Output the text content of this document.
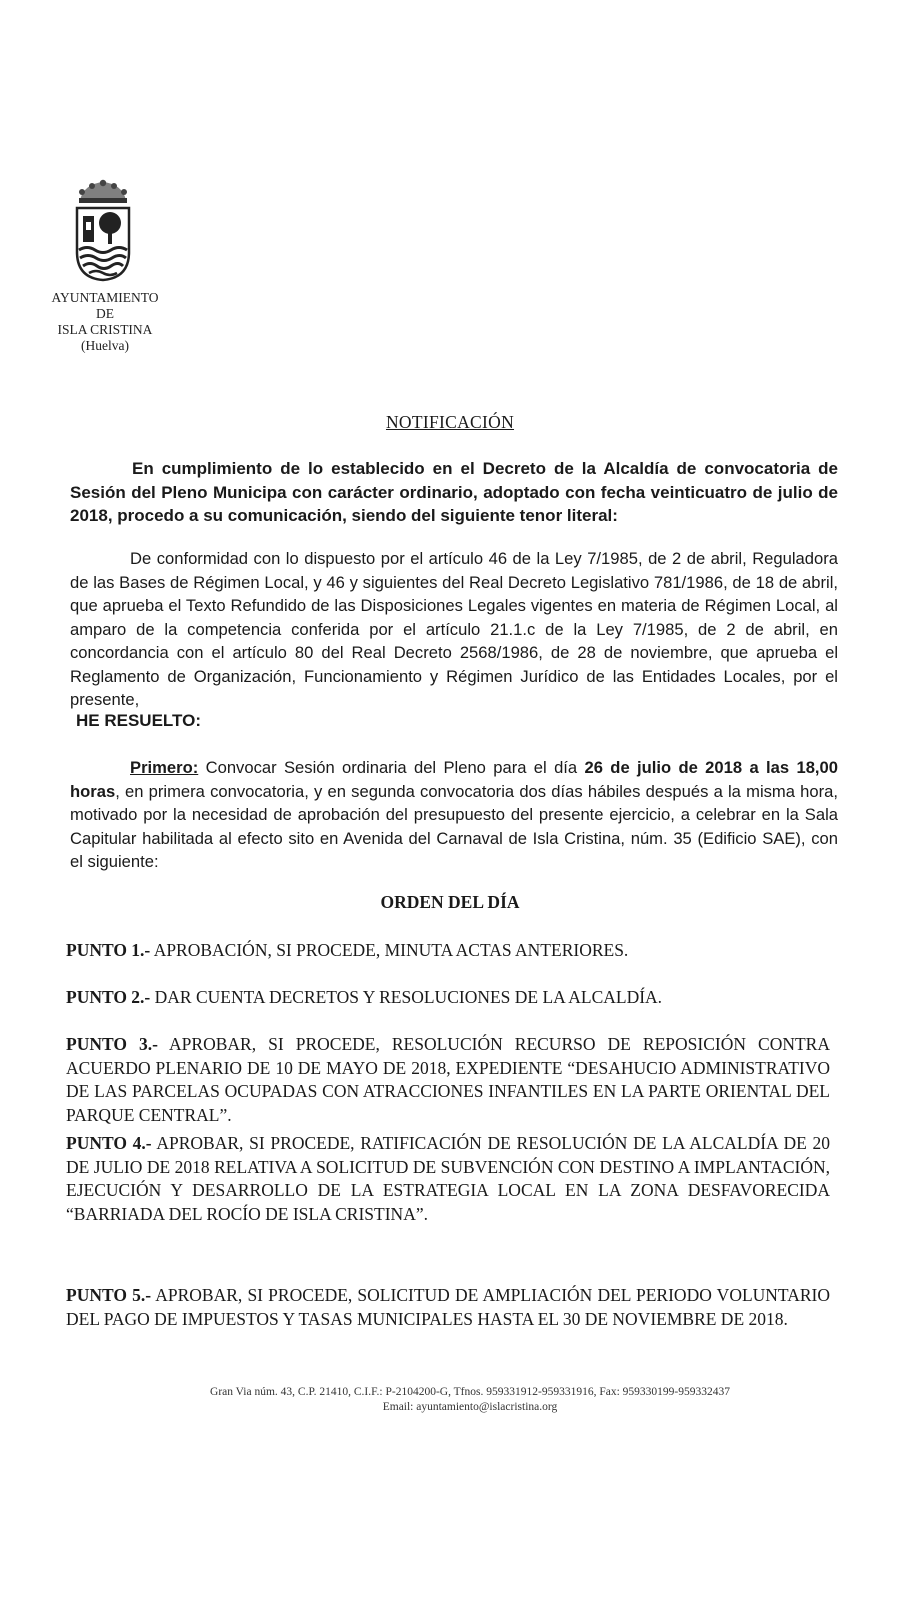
AYUNTAMIENTO
DE
ISLA CRISTINA
(Huelva)
NOTIFICACIÓN
En cumplimiento de lo establecido en el Decreto de la Alcaldía de convocatoria de Sesión del Pleno Municipa con carácter ordinario, adoptado con fecha veinticuatro de julio de 2018, procedo a su comunicación, siendo del siguiente tenor literal:
De conformidad con lo dispuesto por el artículo 46 de la Ley 7/1985, de 2 de abril, Reguladora de las Bases de Régimen Local, y 46 y siguientes del Real Decreto Legislativo 781/1986, de 18 de abril, que aprueba el Texto Refundido de las Disposiciones Legales vigentes en materia de Régimen Local, al amparo de la competencia conferida por el artículo 21.1.c de la Ley 7/1985, de 2 de abril, en concordancia con el artículo 80 del Real Decreto 2568/1986, de 28 de noviembre, que aprueba el Reglamento de Organización, Funcionamiento y Régimen Jurídico de las Entidades Locales, por el presente,
HE RESUELTO:
Primero: Convocar Sesión ordinaria del Pleno para el día 26 de julio de 2018 a las 18,00 horas, en primera convocatoria, y en segunda convocatoria dos días hábiles después a la misma hora, motivado por la necesidad de aprobación del presupuesto del presente ejercicio, a celebrar en la Sala Capitular habilitada al efecto sito en Avenida del Carnaval de Isla Cristina, núm. 35 (Edificio SAE), con el siguiente:
ORDEN DEL DÍA
PUNTO 1.- APROBACIÓN, SI PROCEDE, MINUTA ACTAS ANTERIORES.
PUNTO 2.- DAR CUENTA DECRETOS Y RESOLUCIONES DE LA ALCALDÍA.
PUNTO 3.- APROBAR, SI PROCEDE, RESOLUCIÓN RECURSO DE REPOSICIÓN CONTRA ACUERDO PLENARIO DE 10 DE MAYO DE 2018, EXPEDIENTE “DESAHUCIO ADMINISTRATIVO DE LAS PARCELAS OCUPADAS CON ATRACCIONES INFANTILES EN LA PARTE ORIENTAL DEL PARQUE CENTRAL”.
PUNTO 4.- APROBAR, SI PROCEDE, RATIFICACIÓN DE RESOLUCIÓN DE LA ALCALDÍA DE 20 DE JULIO DE 2018 RELATIVA A SOLICITUD DE SUBVENCIÓN CON DESTINO A IMPLANTACIÓN, EJECUCIÓN Y DESARROLLO DE LA ESTRATEGIA LOCAL EN LA ZONA DESFAVORECIDA “BARRIADA DEL ROCÍO DE ISLA CRISTINA”.
PUNTO 5.- APROBAR, SI PROCEDE, SOLICITUD DE AMPLIACIÓN DEL PERIODO VOLUNTARIO DEL PAGO DE IMPUESTOS Y TASAS MUNICIPALES HASTA EL 30 DE NOVIEMBRE DE 2018.
Gran Via núm. 43, C.P. 21410, C.I.F.: P-2104200-G, Tfnos. 959331912-959331916, Fax: 959330199-959332437
Email: ayuntamiento@islacristina.org
